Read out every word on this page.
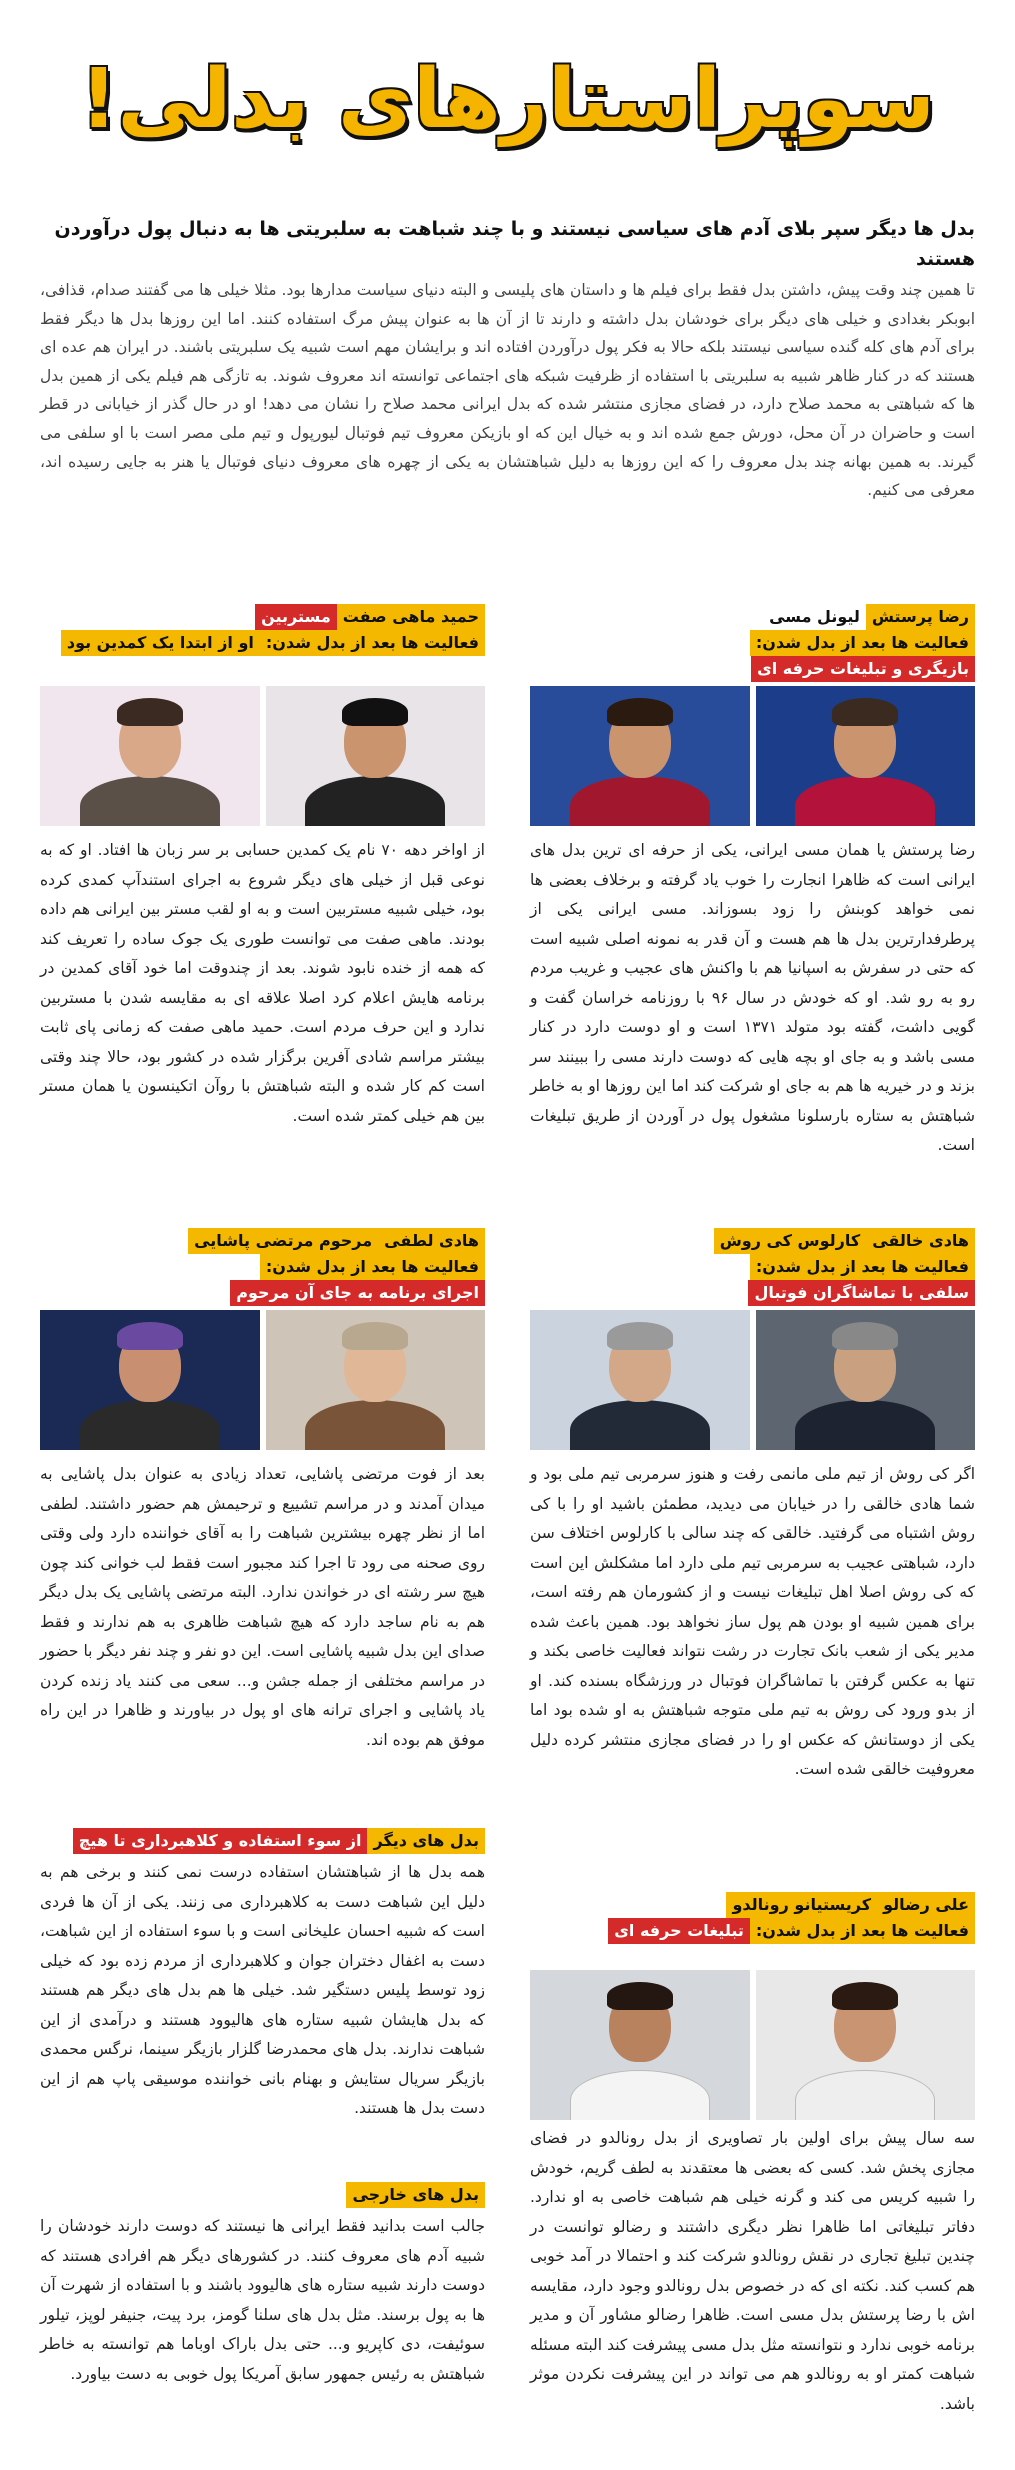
سوپراستارهای بدلی!
بدل ها دیگر سپر بلای آدم های سیاسی نیستند و با چند شباهت به سلبریتی ها به دنبال پول درآوردن هستند
تا همین چند وقت پیش، داشتن بدل فقط برای فیلم ها و داستان های پلیسی و البته دنیای سیاست مدارها بود. مثلا خیلی ها می گفتند صدام، قذافی، ابوبکر بغدادی و خیلی های دیگر برای خودشان بدل داشته و دارند تا از آن ها به عنوان پیش مرگ استفاده کنند. اما این روزها بدل ها دیگر فقط برای آدم های کله گنده سیاسی نیستند بلکه حالا به فکر پول درآوردن افتاده اند و برایشان مهم است شبیه یک سلبریتی باشند. در ایران هم عده ای هستند که در کنار ظاهر شبیه به سلبریتی با استفاده از ظرفیت شبکه های اجتماعی توانسته اند معروف شوند. به تازگی هم فیلم یکی از همین بدل ها که شباهتی به محمد صلاح دارد، در فضای مجازی منتشر شده که بدل ایرانی محمد صلاح را نشان می دهد! او در حال گذر از خیابانی در قطر است و حاضران در آن محل، دورش جمع شده اند و به خیال این که او بازیکن معروف تیم فوتبال لیورپول و تیم ملی مصر است با او سلفی می گیرند. به همین بهانه چند بدل معروف را که این روزها به دلیل شباهتشان به یکی از چهره های معروف دنیای فوتبال یا هنر به جایی رسیده اند، معرفی می کنیم.
رضا پرستشلیونل مسی
فعالیت ها بعد از بدل شدن:بازیگری و تبلیغات حرفه ای
رضا پرستش یا همان مسی ایرانی، یکی از حرفه ای ترین بدل های ایرانی است که ظاهرا انجارت را خوب یاد گرفته و برخلاف بعضی ها نمی خواهد کوبنش را زود بسوزاند. مسی ایرانی یکی از پرطرفدارترین بدل ها هم هست و آن قدر به نمونه اصلی شبیه است که حتی در سفرش به اسپانیا هم با واکنش های عجیب و غریب مردم رو به رو شد. او که خودش در سال ۹۶ با روزنامه خراسان گفت و گویی داشت، گفته بود متولد ۱۳۷۱ است و او دوست دارد در کنار مسی باشد و به جای او بچه هایی که دوست دارند مسی را ببینند سر بزند و در خیریه ها هم به جای او شرکت کند اما این روزها او به خاطر شباهتش به ستاره بارسلونا مشغول پول در آوردن از طریق تبلیغات است.
حمید ماهی صفتمستربین
فعالیت ها بعد از بدل شدن:او از ابتدا یک کمدین بود
از اواخر دهه ۷۰ نام یک کمدین حسابی بر سر زبان ها افتاد. او که به نوعی قبل از خیلی های دیگر شروع به اجرای استندآپ کمدی کرده بود، خیلی شبیه مستربین است و به او لقب مستر بین ایرانی هم داده بودند. ماهی صفت می توانست طوری یک جوک ساده را تعریف کند که همه از خنده نابود شوند. بعد از چندوقت اما خود آقای کمدین در برنامه هایش اعلام کرد اصلا علاقه ای به مقایسه شدن با مستربین ندارد و این حرف مردم است. حمید ماهی صفت که زمانی پای ثابت بیشتر مراسم شادی آفرین برگزار شده در کشور بود، حالا چند وقتی است کم کار شده و البته شباهتش با روآن اتکینسون یا همان مستر بین هم خیلی کمتر شده است.
هادی خالقیکارلوس کی روش
فعالیت ها بعد از بدل شدن:سلفی با تماشاگران فوتبال
اگر کی روش از تیم ملی مانمی رفت و هنوز سرمربی تیم ملی بود و شما هادی خالقی را در خیابان می دیدید، مطمئن باشید او را با کی روش اشتباه می گرفتید. خالقی که چند سالی با کارلوس اختلاف سن دارد، شباهتی عجیب به سرمربی تیم ملی دارد اما مشکلش این است که کی روش اصلا اهل تبلیغات نیست و از کشورمان هم رفته است، برای همین شبیه او بودن هم پول ساز نخواهد بود. همین باعث شده مدیر یکی از شعب بانک تجارت در رشت نتواند فعالیت خاصی بکند و تنها به عکس گرفتن با تماشاگران فوتبال در ورزشگاه بسنده کند. او از بدو ورود کی روش به تیم ملی متوجه شباهتش به او شده بود اما یکی از دوستانش که عکس او را در فضای مجازی منتشر کرده دلیل معروفیت خالقی شده است.
هادی لطفیمرحوم مرتضی پاشایی
فعالیت ها بعد از بدل شدن:اجرای برنامه به جای آن مرحوم
بعد از فوت مرتضی پاشایی، تعداد زیادی به عنوان بدل پاشایی به میدان آمدند و در مراسم تشییع و ترحیمش هم حضور داشتند. لطفی اما از نظر چهره بیشترین شباهت را به آقای خواننده دارد ولی وقتی روی صحنه می رود تا اجرا کند مجبور است فقط لب خوانی کند چون هیچ سر رشته ای در خواندن ندارد. البته مرتضی پاشایی یک بدل دیگر هم به نام ساجد دارد که هیچ شباهت ظاهری به هم ندارند و فقط صدای این بدل شبیه پاشایی است. این دو نفر و چند نفر دیگر با حضور در مراسم مختلفی از جمله جشن و... سعی می کنند یاد زنده کردن یاد پاشایی و اجرای ترانه های او پول در بیاورند و ظاهرا در این راه موفق هم بوده اند.
علی رضالوکریستیانو رونالدو
فعالیت ها بعد از بدل شدن:تبلیغات حرفه ای
سه سال پیش برای اولین بار تصاویری از بدل رونالدو در فضای مجازی پخش شد. کسی که بعضی ها معتقدند به لطف گریم، خودش را شبیه کریس می کند و گرنه خیلی هم شباهت خاصی به او ندارد. دفاتر تبلیغاتی اما ظاهرا نظر دیگری داشتند و رضالو توانست در چندین تبلیغ تجاری در نقش رونالدو شرکت کند و احتمالا در آمد خوبی هم کسب کند. نکته ای که در خصوص بدل رونالدو وجود دارد، مقایسه اش با رضا پرستش بدل مسی است. ظاهرا رضالو مشاور آن و مدیر برنامه خوبی ندارد و نتوانسته مثل بدل مسی پیشرفت کند البته مسئله شباهت کمتر او به رونالدو هم می تواند در این پیشرفت نکردن موثر باشد.
بدل های دیگراز سوء استفاده و کلاهبرداری تا هیچ
همه بدل ها از شباهتشان استفاده درست نمی کنند و برخی هم به دلیل این شباهت دست به کلاهبرداری می زنند. یکی از آن ها فردی است که شبیه احسان علیخانی است و با سوء استفاده از این شباهت، دست به اغفال دختران جوان و کلاهبرداری از مردم زده بود که خیلی زود توسط پلیس دستگیر شد. خیلی ها هم بدل های دیگر هم هستند که بدل هایشان شبیه ستاره های هالیوود هستند و درآمدی از این شباهت ندارند. بدل های محمدرضا گلزار بازیگر سینما، نرگس محمدی بازیگر سریال ستایش و بهنام بانی خواننده موسیقی پاپ هم از این دست بدل ها هستند.
بدل های خارجی
جالب است بدانید فقط ایرانی ها نیستند که دوست دارند خودشان را شبیه آدم های معروف کنند. در کشورهای دیگر هم افرادی هستند که دوست دارند شبیه ستاره های هالیوود باشند و با استفاده از شهرت آن ها به پول برسند. مثل بدل های سلنا گومز، برد پیت، جنیفر لوپز، تیلور سوئیفت، دی کاپریو و... حتی بدل باراک اوباما هم توانسته به خاطر شباهتش به رئیس جمهور سابق آمریکا پول خوبی به دست بیاورد.
